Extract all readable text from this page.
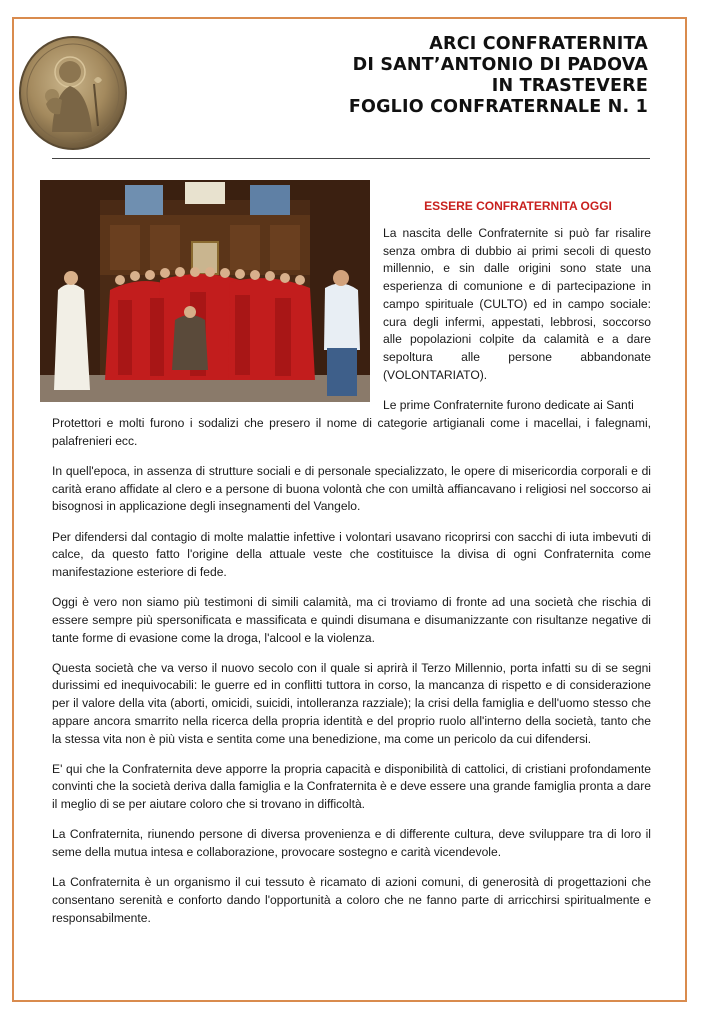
ARCI CONFRATERNITA
DI SANT’ANTONIO DI PADOVA
IN TRASTEVERE
FOGLIO CONFRATERNALE N. 1
ESSERE CONFRATERNITA OGGI

La nascita delle Confraternite si può far risalire senza ombra di dubbio ai primi secoli di questo millennio, e sin dalle origini sono state una esperienza di comunione e di partecipazione in campo spirituale (CULTO) ed in campo sociale: cura degli infermi, appestati, lebbrosi, soccorso alle popolazioni colpite da calamità e a dare sepoltura alle persone abbandonate (VOLONTARIATO).

Le prime Confraternite furono dedicate ai Santi

Protettori e molti furono i sodalizi che presero il nome di categorie artigianali come i macellai, i falegnami, palafrenieri ecc.

In quell'epoca, in assenza di strutture sociali e di personale specializzato, le opere di misericordia corporali e di carità erano affidate al clero e a persone di buona volontà che con umiltà affiancavano i religiosi nel soccorso ai bisognosi in applicazione degli insegnamenti del Vangelo.

Per difendersi dal contagio di molte malattie infettive i volontari usavano ricoprirsi con sacchi di iuta imbevuti di calce, da questo fatto l'origine della attuale veste che costituisce la divisa di ogni Confraternita come manifestazione esteriore di fede.

Oggi è vero non siamo più testimoni di simili calamità, ma ci troviamo di fronte ad una società che rischia di essere sempre più spersonificata e massificata e quindi disumana e disumanizzante con risultanze negative di tante forme di evasione come la droga, l'alcool e la violenza.

Questa società che va verso il nuovo secolo con il quale si aprirà il Terzo Millennio, porta infatti su di se segni durissimi ed inequivocabili: le guerre ed in conflitti tuttora in corso, la mancanza di rispetto e di considerazione per il valore della vita (aborti, omicidi, suicidi, intolleranza razziale); la crisi della famiglia e dell'uomo stesso che appare ancora smarrito nella ricerca della propria identità e del proprio ruolo all'interno della società, tanto che la stessa vita non è più vista e sentita come una benedizione, ma come un pericolo da cui difendersi.

E' qui che la Confraternita deve apporre la propria capacità e disponibilità di cattolici, di cristiani profondamente convinti che la società deriva dalla famiglia e la Confraternita è e deve essere una grande famiglia pronta a dare il meglio di se per aiutare coloro che si trovano in difficoltà.

La Confraternita, riunendo persone di diversa provenienza e di differente cultura, deve sviluppare tra di loro il seme della mutua intesa e collaborazione, provocare sostegno e carità vicendevole.

La Confraternita è un organismo il cui tessuto è ricamato di azioni comuni, di generosità di progettazioni che consentano serenità e conforto dando l'opportunità a coloro che ne fanno parte di arricchirsi spiritualmente e responsabilmente.
